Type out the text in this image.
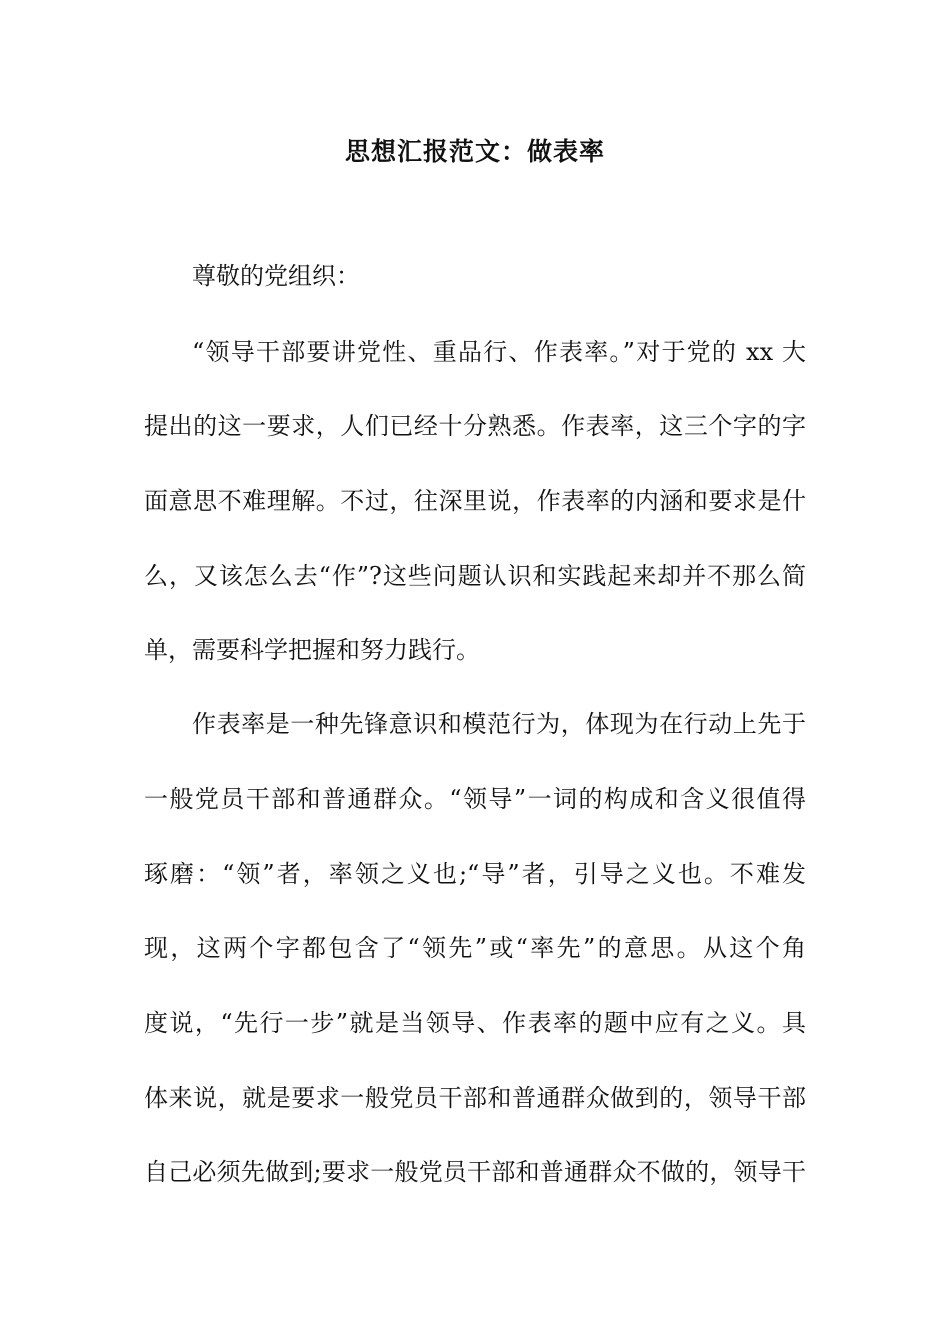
思想汇报范文：做表率
尊敬的党组织：
“领导干部要讲党性、重品行、作表率。”对于党的 xx 大
提出的这一要求，人们已经十分熟悉。作表率，这三个字的字
面意思不难理解。不过，往深里说，作表率的内涵和要求是什
么，又该怎么去“作”?这些问题认识和实践起来却并不那么简
单，需要科学把握和努力践行。
作表率是一种先锋意识和模范行为，体现为在行动上先于
一般党员干部和普通群众。“领导”一词的构成和含义很值得
琢磨：“领”者，率领之义也;“导”者，引导之义也。不难发
现，这两个字都包含了“领先”或“率先”的意思。从这个角
度说，“先行一步”就是当领导、作表率的题中应有之义。具
体来说，就是要求一般党员干部和普通群众做到的，领导干部
自己必须先做到;要求一般党员干部和普通群众不做的，领导干
